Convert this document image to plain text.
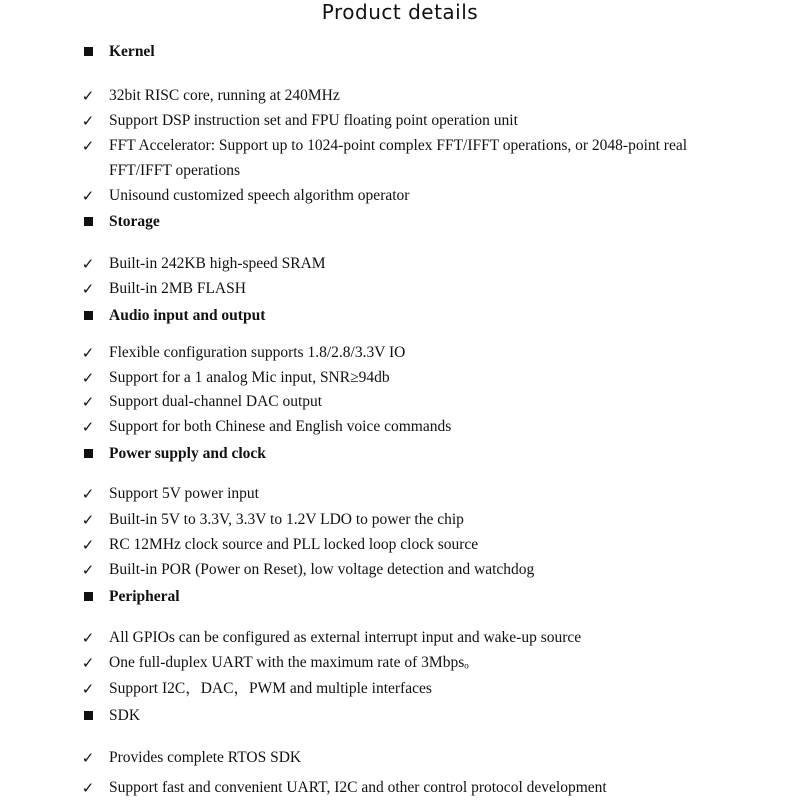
Product details
Kernel
✓ 32bit RISC core, running at 240MHz
✓ Support DSP instruction set and FPU floating point operation unit
✓ FFT Accelerator: Support up to 1024-point complex FFT/IFFT operations, or 2048-point real
FFT/IFFT operations
✓ Unisound customized speech algorithm operator
Storage
✓ Built-in 242KB high-speed SRAM
✓ Built-in 2MB FLASH
Audio input and output
✓ Flexible configuration supports 1.8/2.8/3.3V IO
✓ Support for a 1 analog Mic input, SNR≥94db
✓ Support dual-channel DAC output
✓ Support for both Chinese and English voice commands
Power supply and clock
✓ Support 5V power input
✓ Built-in 5V to 3.3V, 3.3V to 1.2V LDO to power the chip
✓ RC 12MHz clock source and PLL locked loop clock source
✓ Built-in POR (Power on Reset), low voltage detection and watchdog
Peripheral
✓ All GPIOs can be configured as external interrupt input and wake-up source
✓ One full-duplex UART with the maximum rate of 3Mbpsₒ
✓ Support I2C，DAC，PWM and multiple interfaces
SDK
✓ Provides complete RTOS SDK
✓ Support fast and convenient UART, I2C and other control protocol development
